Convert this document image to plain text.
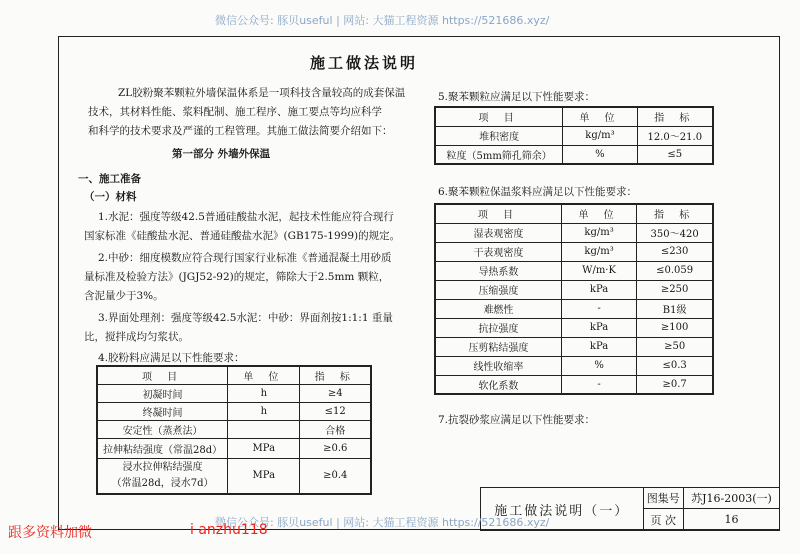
微信公众号: 豚贝useful | 网站: 大猫工程资源 https://521686.xyz/
施工做法说明
ZL胶粉聚苯颗粒外墙保温体系是一项科技含量较高的成套保温
技术，其材料性能、浆料配制、施工程序、施工要点等均应科学
和科学的技术要求及严谨的工程管理。其施工做法简要介绍如下：
第一部分 外墙外保温
一、施工准备
（一）材料
1.水泥：强度等级42.5普通硅酸盐水泥，起技术性能应符合现行
国家标准《硅酸盐水泥、普通硅酸盐水泥》(GB175-1999)的规定。
2.中砂：细度模数应符合现行国家行业标准《普通混凝土用砂质
量标准及检验方法》(JGJ52-92)的规定，筛除大于2.5mm 颗粒，
含泥量少于3%。
3.界面处理剂：强度等级42.5水泥：中砂：界面剂按1:1:1 重量
比，搅拌成均匀浆状。
4.胶粉料应满足以下性能要求：
项 目	单 位	指 标
初凝时间	h	≥4
终凝时间	h	≤12
安定性（蒸煮法）		合格
拉伸粘结强度（常温28d）	MPa	≥0.6
浸水拉伸粘结强度
（常温28d，浸水7d）	MPa	≥0.4
5.聚苯颗粒应满足以下性能要求：
项 目	单 位	指 标
堆积密度	kg/m³	12.0～21.0
粒度（5mm筛孔筛余）	%	≤5
6.聚苯颗粒保温浆料应满足以下性能要求：
项 目	单 位	指 标
湿表观密度	kg/m³	350～420
干表观密度	kg/m³	≤230
导热系数	W/m·K	≤0.059
压缩强度	kPa	≥250
难燃性	-	B1级
抗拉强度	kPa	≥100
压剪粘结强度	kPa	≥50
线性收缩率	%	≤0.3
软化系数	-	≥0.7
7.抗裂砂浆应满足以下性能要求：
施工做法说明（一）	图集号	苏J16-2003(一)
	页 次	16
微信公众号: 豚贝useful | 网站: 大猫工程资源 https://521686.xyz/
跟多资料加微	i anzhu118
